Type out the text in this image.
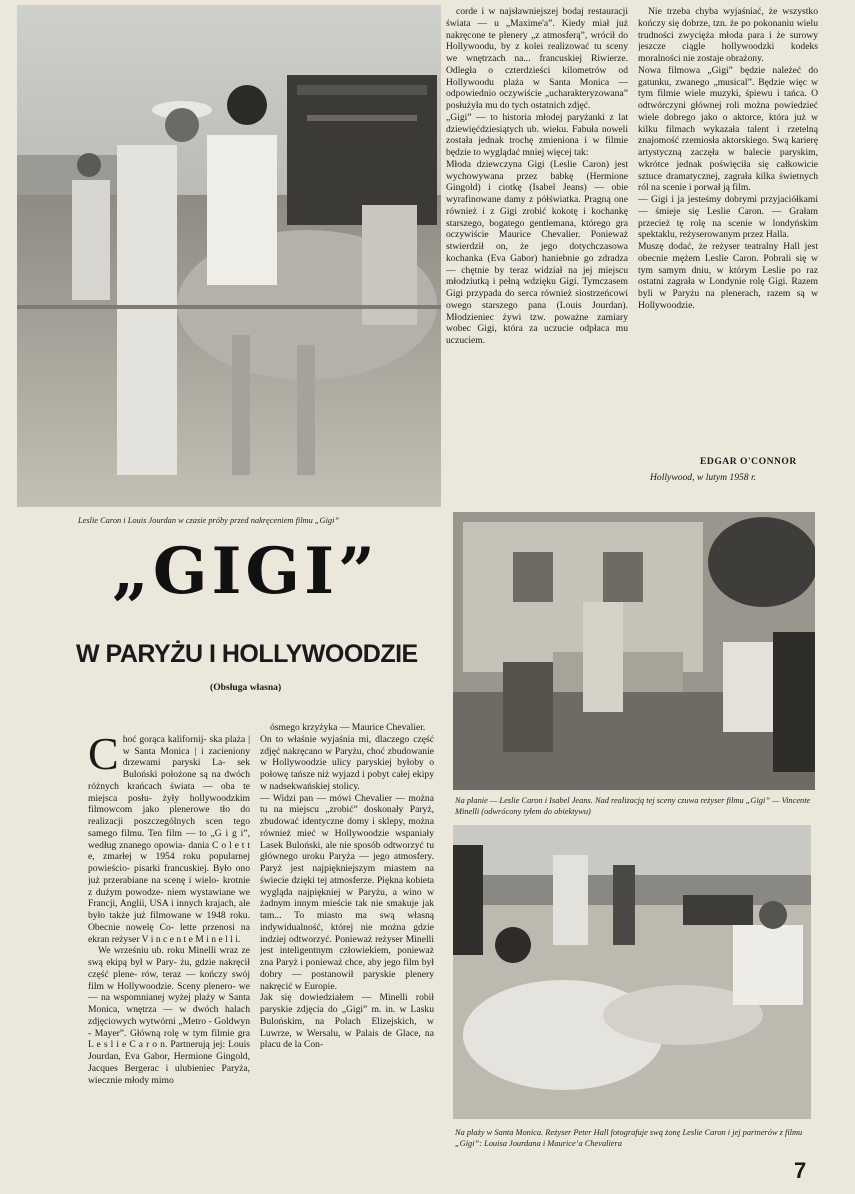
Leslie Caron i Louis Jourdan w czasie próby przed nakręceniem filmu „Gigi”
„GIGI”
W PARYŻU I HOLLYWOODZIE
(Obsługa własna)

Choć gorąca kalifornij- ska plaża | w Santa Monica | i zacieniony drzewami paryski La- sek Buloński położone są na dwóch różnych krańcach świata — oba te miejsca posłu- żyły hollywoodzkim filmowcom jako plenerowe tło do realizacji poszczególnych scen tego samego filmu. Ten film — to „G i g i”, według znanego opowia- dania C o l e t t e, zmarłej w 1954 roku popularnej powieścio- pisarki francuskiej. Było ono już przerabiane na scenę i wielo- krotnie z dużym powodze- niem wystawiane we Francji, Anglii, USA i innych krajach, ale było także już filmowane w 1948 roku. Obecnie nowelę Co- lette przenosi na ekran reżyser V i n c e n t e M i n e l l i.

We wrześniu ub. roku Minelli wraz ze swą ekipą był w Pary- żu, gdzie nakręcił część plene- rów, teraz — kończy swój film w Hollywoodzie. Sceny plenero- we — na wspomnianej wyżej plaży w Santa Monica, wnętrza — w dwóch halach zdjęciowych wytwórni „Metro - Goldwyn - Mayer”. Główną rolę w tym filmie gra L e s l i e C a r o n. Partnerują jej: Louis Jourdan, Eva Gabor, Hermione Gingold, Jacques Bergerac i ulubieniec Paryża, wiecznie młody mimo

ósmego krzyżyka — Maurice Chevalier.
On to właśnie wyjaśnia mi, dlaczego część zdjęć nakręcano w Paryżu, choć zbudowanie w Hollywoodzie ulicy paryskiej byłoby o połowę tańsze niż wyjazd i pobyt całej ekipy w nadsekwańskiej stolicy.
— Widzi pan — mówi Chevalier — można tu na miejscu „zrobić” doskonały Paryż, zbudować identyczne domy i sklepy, można również mieć w Hollywoodzie wspaniały Lasek Buloński, ale nie sposób odtworzyć tu głównego uroku Paryża — jego atmosfery. Paryż jest najpiękniejszym miastem na świecie dzięki tej atmosferze. Piękna kobieta wygląda najpiękniej w Paryżu, a wino w żadnym innym mieście tak nie smakuje jak tam... To miasto ma swą własną indywidualność, której nie można gdzie indziej odtworzyć. Ponieważ reżyser Minelli jest inteligentnym człowiekiem, ponieważ zna Paryż i ponieważ chce, aby jego film był dobry — postanowił paryskie plenery nakręcić w Europie.
Jak się dowiedziałem — Minelli robił paryskie zdjęcia do „Gigi” m. in. w Lasku Bulońskim, na Polach Elizejskich, w Luwrze, w Wersalu, w Palais de Glace, na placu de la Con-
corde i w najsławniejszej bodaj restauracji świata — u „Maxime'a”. Kiedy miał już nakręcone te plenery „z atmosferą”, wrócił do Hollywoodu, by z kolei realizować tu sceny we wnętrzach na... francuskiej Riwierze. Odległa o czterdzieści kilometrów od Hollywoodu plaża w Santa Monica — odpowiednio oczywiście „ucharakteryzowana” posłużyła mu do tych ostatnich zdjęć.
„Gigi” — to historia młodej paryżanki z lat dziewięćdziesiątych ub. wieku. Fabuła noweli została jednak trochę zmieniona i w filmie będzie to wyglądać mniej więcej tak:
Młoda dziewczyna Gigi (Leslie Caron) jest wychowywana przez babkę (Hermione Gingold) i ciotkę (Isabel Jeans) — obie wyrafinowane damy z półświatka. Pragną one również i z Gigi zrobić kokotę i kochankę starszego, bogatego gentlemana, którego gra oczywiście Maurice Chevalier. Ponieważ stwierdził on, że jego dotychczasowa kochanka (Eva Gabor) haniebnie go zdradza — chętnie by teraz widział na jej miejscu młodziutką i pełną wdzięku Gigi. Tymczasem Gigi przypada do serca również siostrzeńcowi owego starszego pana (Louis Jourdan). Młodzieniec żywi tzw. poważne zamiary wobec Gigi, która za uczucie odpłaca mu uczuciem.
Nie trzeba chyba wyjaśniać, że wszystko kończy się dobrze, tzn. że po pokonaniu wielu trudności zwycięża młoda para i że surowy jeszcze ciągle hollywoodzki kodeks moralności nie zostaje obrażony.
Nowa filmowa „Gigi” będzie należeć do gatunku, zwanego „musical”. Będzie więc w tym filmie wiele muzyki, śpiewu i tańca. O odtwórczyni głównej roli można powiedzieć wiele dobrego jako o aktorce, która już w kilku filmach wykazała talent i rzetelną znajomość rzemiosła aktorskiego. Swą karierę artystyczną zaczęła w balecie paryskim, wkrótce jednak poświęciła się całkowicie sztuce dramatycznej, zagrała kilka świetnych ról na scenie i porwał ją film.
— Gigi i ja jesteśmy dobrymi przyjaciółkami — śmieje się Leslie Caron. — Grałam przecież tę rolę na scenie w londyńskim spektaklu, reżyserowanym przez Halla.
Muszę dodać, że reżyser teatralny Hall jest obecnie mężem Leslie Caron. Pobrali się w tym samym dniu, w którym Leslie po raz ostatni zagrała w Londynie rolę Gigi. Razem byli w Paryżu na plenerach, razem są w Hollywoodzie.
EDGAR O'CONNOR
Hollywood, w lutym 1958 r.
Na planie — Leslie Caron i Isabel Jeans. Nad realizacją tej sceny czuwa reżyser filmu „Gigi” — Vincente Minelli (odwrócony tyłem do obiektywu)
Na plaży w Santa Monica. Reżyser Peter Hall fotografuje swą żonę Leslie Caron i jej partnerów z filmu „Gigi”: Louisa Jourdana i Maurice’a Chevaliera
7
